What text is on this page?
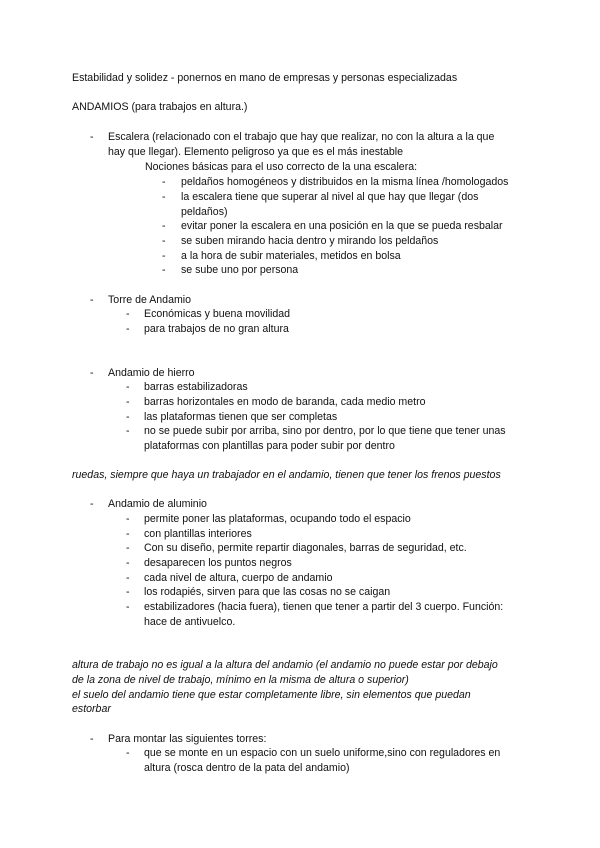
Estabilidad y solidez - ponernos en mano de empresas y personas especializadas
ANDAMIOS (para trabajos en altura.)
- Escalera (relacionado con el trabajo que hay que realizar, no con la altura a la que
hay que llegar). Elemento peligroso ya que es el más inestable
Nociones básicas para el uso correcto de la una escalera:
- peldaños homogéneos y distribuidos en la misma línea /homologados
- la escalera tiene que superar al nivel al que hay que llegar (dos
peldaños)
- evitar poner la escalera en una posición en la que se pueda resbalar
- se suben mirando hacia dentro y mirando los peldaños
- a la hora de subir materiales, metidos en bolsa
- se sube uno por persona
- Torre de Andamio
- Económicas y buena movilidad
- para trabajos de no gran altura
- Andamio de hierro
- barras estabilizadoras
- barras horizontales en modo de baranda, cada medio metro
- las plataformas tienen que ser completas
- no se puede subir por arriba, sino por dentro, por lo que tiene que tener unas
plataformas con plantillas para poder subir por dentro
ruedas, siempre que haya un trabajador en el andamio, tienen que tener los frenos puestos
- Andamio de aluminio
- permite poner las plataformas, ocupando todo el espacio
- con plantillas interiores
- Con su diseño, permite repartir diagonales, barras de seguridad, etc.
- desaparecen los puntos negros
- cada nivel de altura, cuerpo de andamio
- los rodapiés, sirven para que las cosas no se caigan
- estabilizadores (hacia fuera), tienen que tener a partir del 3 cuerpo. Función:
hace de antivuelco.
altura de trabajo no es igual a la altura del andamio (el andamio no puede estar por debajo
de la zona de nivel de trabajo, mínimo en la misma de altura o superior)
el suelo del andamio tiene que estar completamente libre, sin elementos que puedan
estorbar
- Para montar las siguientes torres:
- que se monte en un espacio con un suelo uniforme,sino con reguladores en
altura (rosca dentro de la pata del andamio)
